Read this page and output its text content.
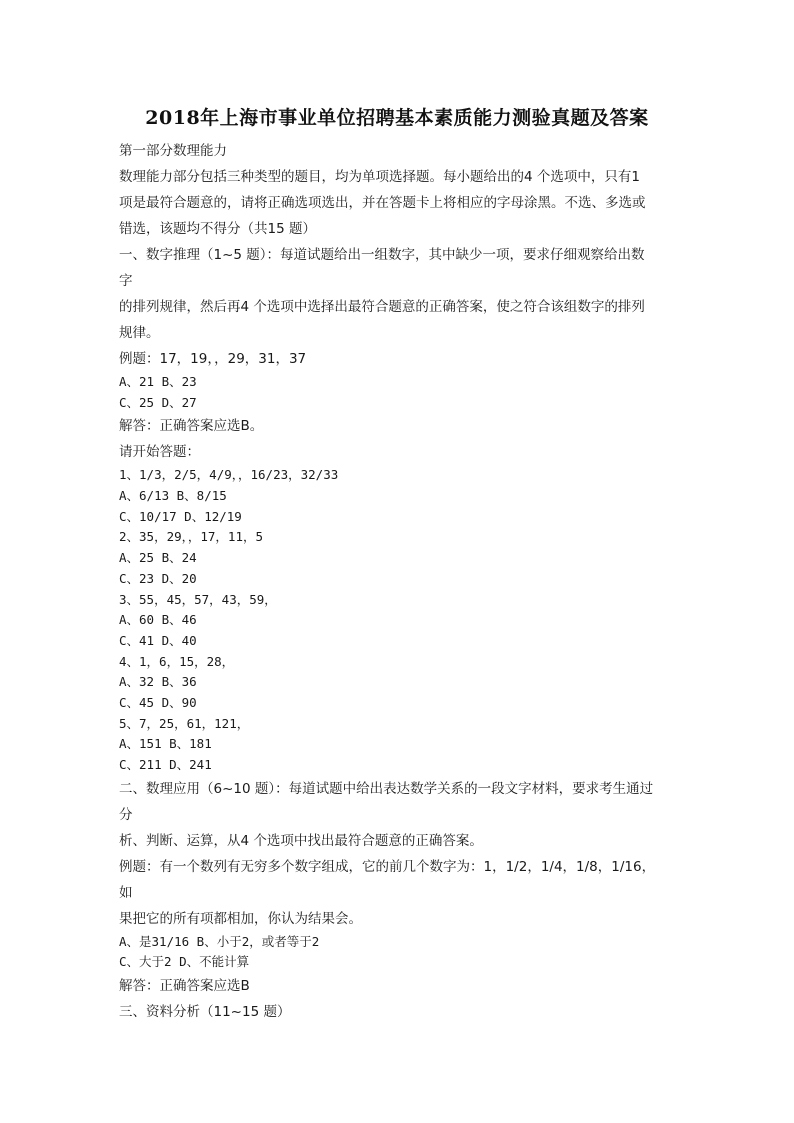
2018年上海市事业单位招聘基本素质能力测验真题及答案
第一部分数理能力
数理能力部分包括三种类型的题目，均为单项选择题。每小题给出的4 个选项中，只有1
项是最符合题意的，请将正确选项选出，并在答题卡上将相应的字母涂黑。不选、多选或
错选，该题均不得分（共15 题）
一、数字推理（1~5 题）：每道试题给出一组数字，其中缺少一项，要求仔细观察给出数
字
的排列规律，然后再4 个选项中选择出最符合题意的正确答案，使之符合该组数字的排列
规律。
例题：17，19，，29，31，37
A、21 B、23
C、25 D、27
解答：正确答案应选B。
请开始答题：
1、1/3，2/5，4/9，，16/23，32/33
A、6/13 B、8/15
C、10/17 D、12/19
2、35，29，，17，11，5
A、25 B、24
C、23 D、20
3、55，45，57，43，59，
A、60 B、46
C、41 D、40
4、1，6，15，28，
A、32 B、36
C、45 D、90
5、7，25，61，121，
A、151 B、181
C、211 D、241
二、数理应用（6~10 题）：每道试题中给出表达数学关系的一段文字材料，要求考生通过
分
析、判断、运算，从4 个选项中找出最符合题意的正确答案。
例题：有一个数列有无穷多个数字组成，它的前几个数字为：1，1/2，1/4，1/8，1/16，
如
果把它的所有项都相加，你认为结果会。
A、是31/16 B、小于2，或者等于2
C、大于2 D、不能计算
解答：正确答案应选B
三、资料分析（11~15 题）
